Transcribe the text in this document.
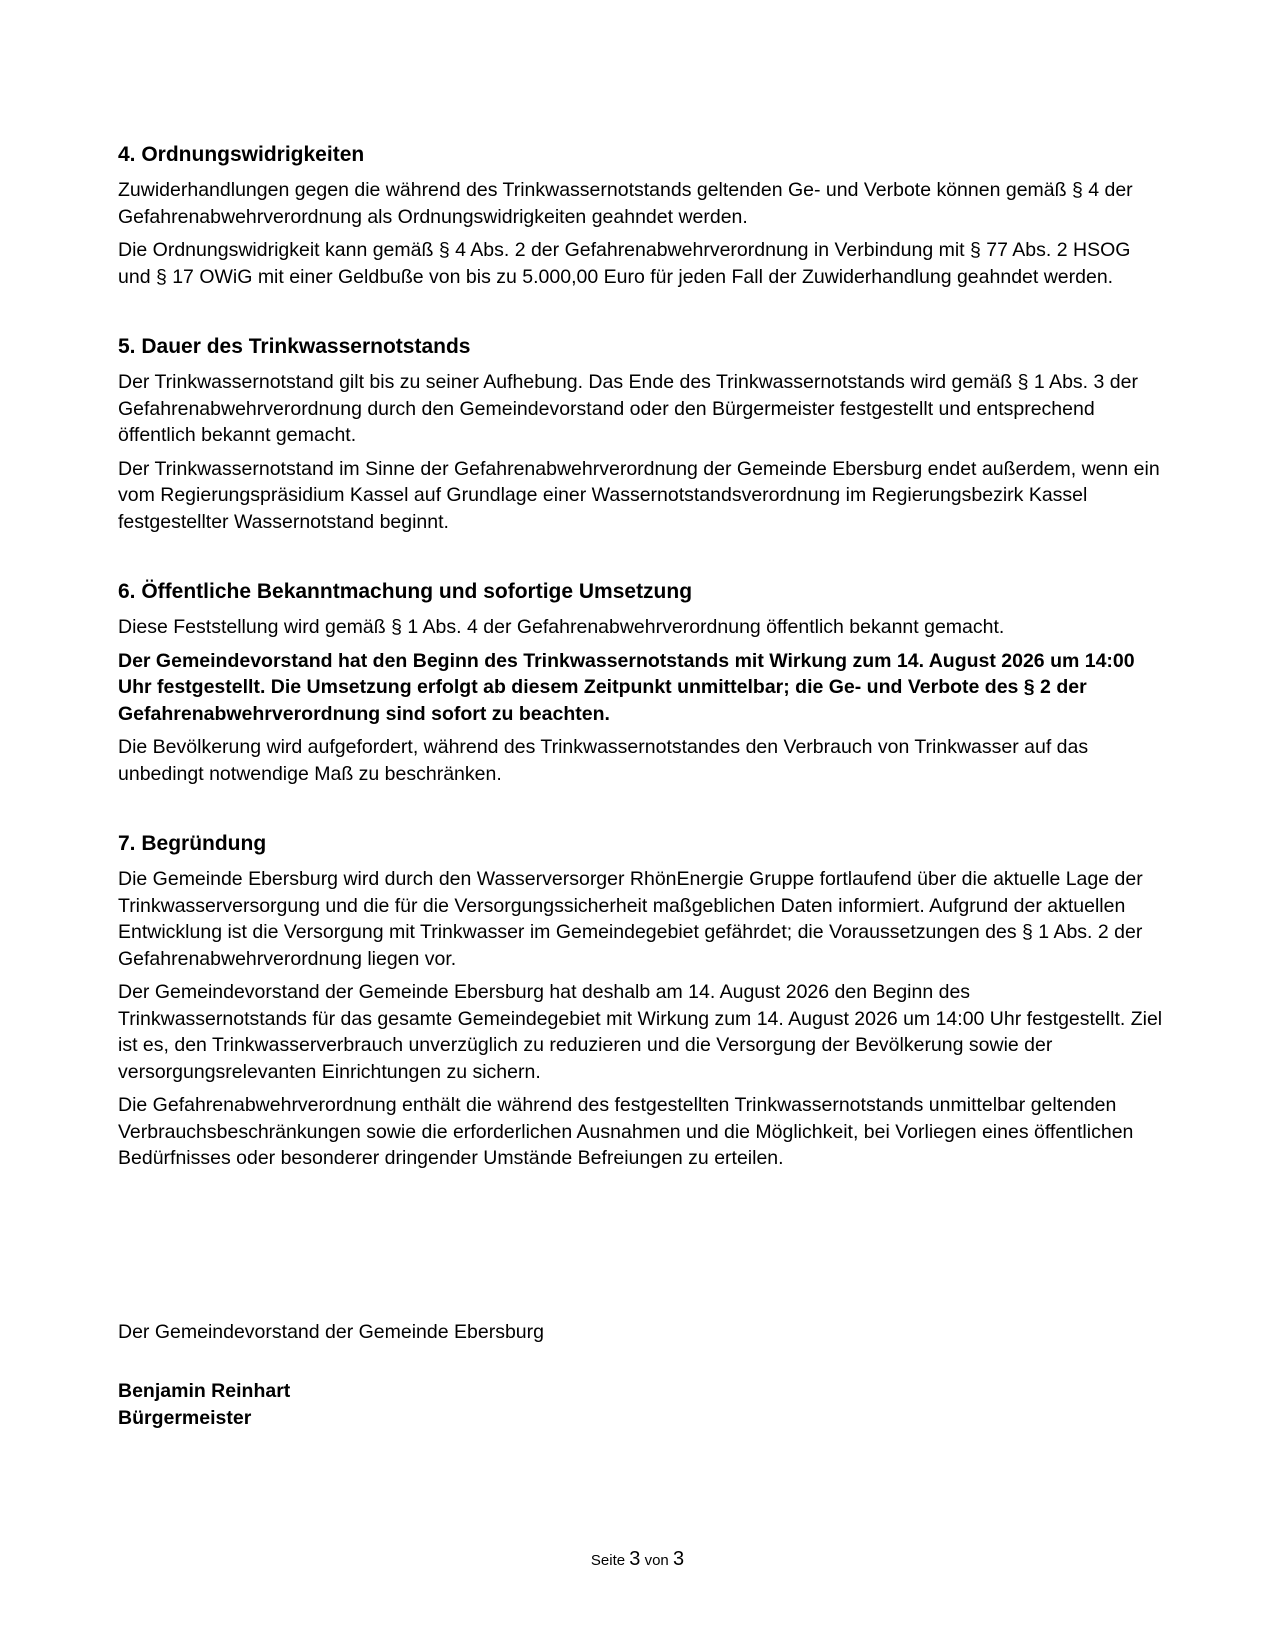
4. Ordnungswidrigkeiten

Zuwiderhandlungen gegen die während des Trinkwassernotstands geltenden Ge- und Verbote können gemäß § 4 der Gefahrenabwehrverordnung als Ordnungswidrigkeiten geahndet werden.

Die Ordnungswidrigkeit kann gemäß § 4 Abs. 2 der Gefahrenabwehrverordnung in Verbindung mit § 77 Abs. 2 HSOG und § 17 OWiG mit einer Geldbuße von bis zu 5.000,00 Euro für jeden Fall der Zuwiderhandlung geahndet werden.

5. Dauer des Trinkwassernotstands

Der Trinkwassernotstand gilt bis zu seiner Aufhebung. Das Ende des Trinkwassernotstands wird gemäß § 1 Abs. 3 der Gefahrenabwehrverordnung durch den Gemeindevorstand oder den Bürgermeister festgestellt und entsprechend öffentlich bekannt gemacht.

Der Trinkwassernotstand im Sinne der Gefahrenabwehrverordnung der Gemeinde Ebersburg endet außerdem, wenn ein vom Regierungspräsidium Kassel auf Grundlage einer Wassernotstandsverordnung im Regierungsbezirk Kassel festgestellter Wassernotstand beginnt.

6. Öffentliche Bekanntmachung und sofortige Umsetzung

Diese Feststellung wird gemäß § 1 Abs. 4 der Gefahrenabwehrverordnung öffentlich bekannt gemacht.

Der Gemeindevorstand hat den Beginn des Trinkwassernotstands mit Wirkung zum 14. August 2026 um 14:00 Uhr festgestellt. Die Umsetzung erfolgt ab diesem Zeitpunkt unmittelbar; die Ge- und Verbote des § 2 der Gefahrenabwehrverordnung sind sofort zu beachten.

Die Bevölkerung wird aufgefordert, während des Trinkwassernotstandes den Verbrauch von Trinkwasser auf das unbedingt notwendige Maß zu beschränken.

7. Begründung

Die Gemeinde Ebersburg wird durch den Wasserversorger RhönEnergie Gruppe fortlaufend über die aktuelle Lage der Trinkwasserversorgung und die für die Versorgungssicherheit maßgeblichen Daten informiert. Aufgrund der aktuellen Entwicklung ist die Versorgung mit Trinkwasser im Gemeindegebiet gefährdet; die Voraussetzungen des § 1 Abs. 2 der Gefahrenabwehrverordnung liegen vor.

Der Gemeindevorstand der Gemeinde Ebersburg hat deshalb am 14. August 2026 den Beginn des Trinkwassernotstands für das gesamte Gemeindegebiet mit Wirkung zum 14. August 2026 um 14:00 Uhr festgestellt. Ziel ist es, den Trinkwasserverbrauch unverzüglich zu reduzieren und die Versorgung der Bevölkerung sowie der versorgungsrelevanten Einrichtungen zu sichern.

Die Gefahrenabwehrverordnung enthält die während des festgestellten Trinkwassernotstands unmittelbar geltenden Verbrauchsbeschränkungen sowie die erforderlichen Ausnahmen und die Möglichkeit, bei Vorliegen eines öffentlichen Bedürfnisses oder besonderer dringender Umstände Befreiungen zu erteilen.

Der Gemeindevorstand der Gemeinde Ebersburg
Benjamin Reinhart
Bürgermeister
Seite 3 von 3
